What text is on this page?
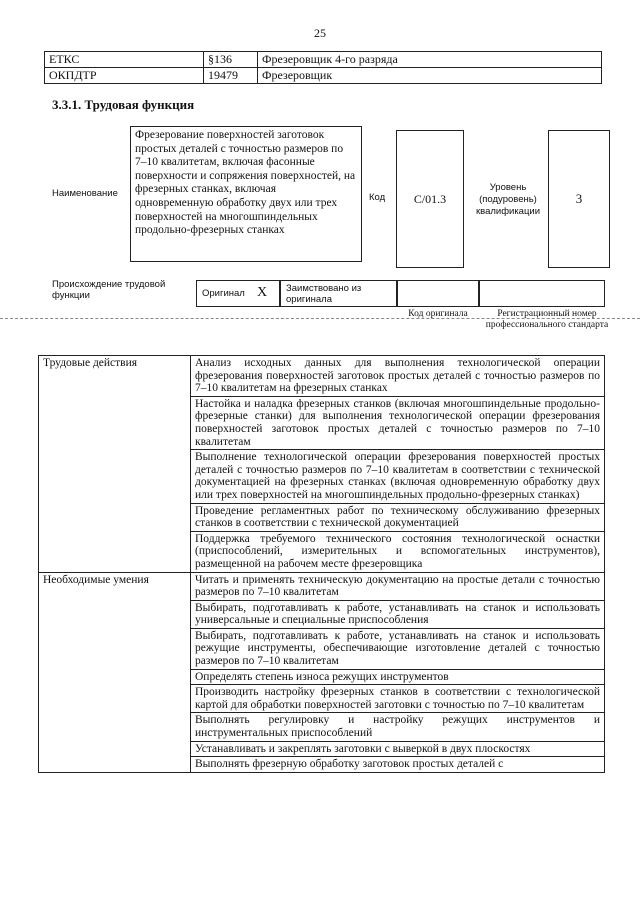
25
ЕТКС	§136	Фрезеровщик 4-го разряда
ОКПДТР	19479	Фрезеровщик
3.3.1. Трудовая функция
Наименование
Фрезерование поверхностей заготовок простых деталей с точностью размеров по 7–10 квалитетам, включая фасонные поверхности и сопряжения поверхностей, на фрезерных станках, включая одновременную обработку двух или трех поверхностей на многошпиндельных продольно-фрезерных станках
Код	С/01.3
Уровень (подуровень) квалификации
3
Происхождение трудовой функции	Оригинал X Заимствовано из оригинала
Код оригинала	Регистрационный номер профессионального стандарта
Трудовые действия	Анализ исходных данных для выполнения технологической операции фрезерования поверхностей заготовок простых деталей с точностью размеров по 7–10 квалитетам на фрезерных станках
	Настойка и наладка фрезерных станков (включая многошпиндельные продольно-фрезерные станки) для выполнения технологической операции фрезерования поверхностей заготовок простых деталей с точностью размеров по 7–10 квалитетам
	Выполнение технологической операции фрезерования поверхностей простых деталей с точностью размеров по 7–10 квалитетам в соответствии с технической документацией на фрезерных станках (включая одновременную обработку двух или трех поверхностей на многошпиндельных продольно-фрезерных станках)
	Проведение регламентных работ по техническому обслуживанию фрезерных станков в соответствии с технической документацией
	Поддержка требуемого технического состояния технологической оснастки (приспособлений, измерительных и вспомогательных инструментов), размещенной на рабочем месте фрезеровщика
Необходимые умения	Читать и применять техническую документацию на простые детали с точностью размеров по 7–10 квалитетам
	Выбирать, подготавливать к работе, устанавливать на станок и использовать универсальные и специальные приспособления
	Выбирать, подготавливать к работе, устанавливать на станок и использовать режущие инструменты, обеспечивающие изготовление деталей с точностью размеров по 7–10 квалитетам
	Определять степень износа режущих инструментов
	Производить настройку фрезерных станков в соответствии с технологической картой для обработки поверхностей заготовки с точностью по 7–10 квалитетам
	Выполнять регулировку и настройку режущих инструментов и инструментальных приспособлений
	Устанавливать и закреплять заготовки с выверкой в двух плоскостях
	Выполнять фрезерную обработку заготовок простых деталей с
